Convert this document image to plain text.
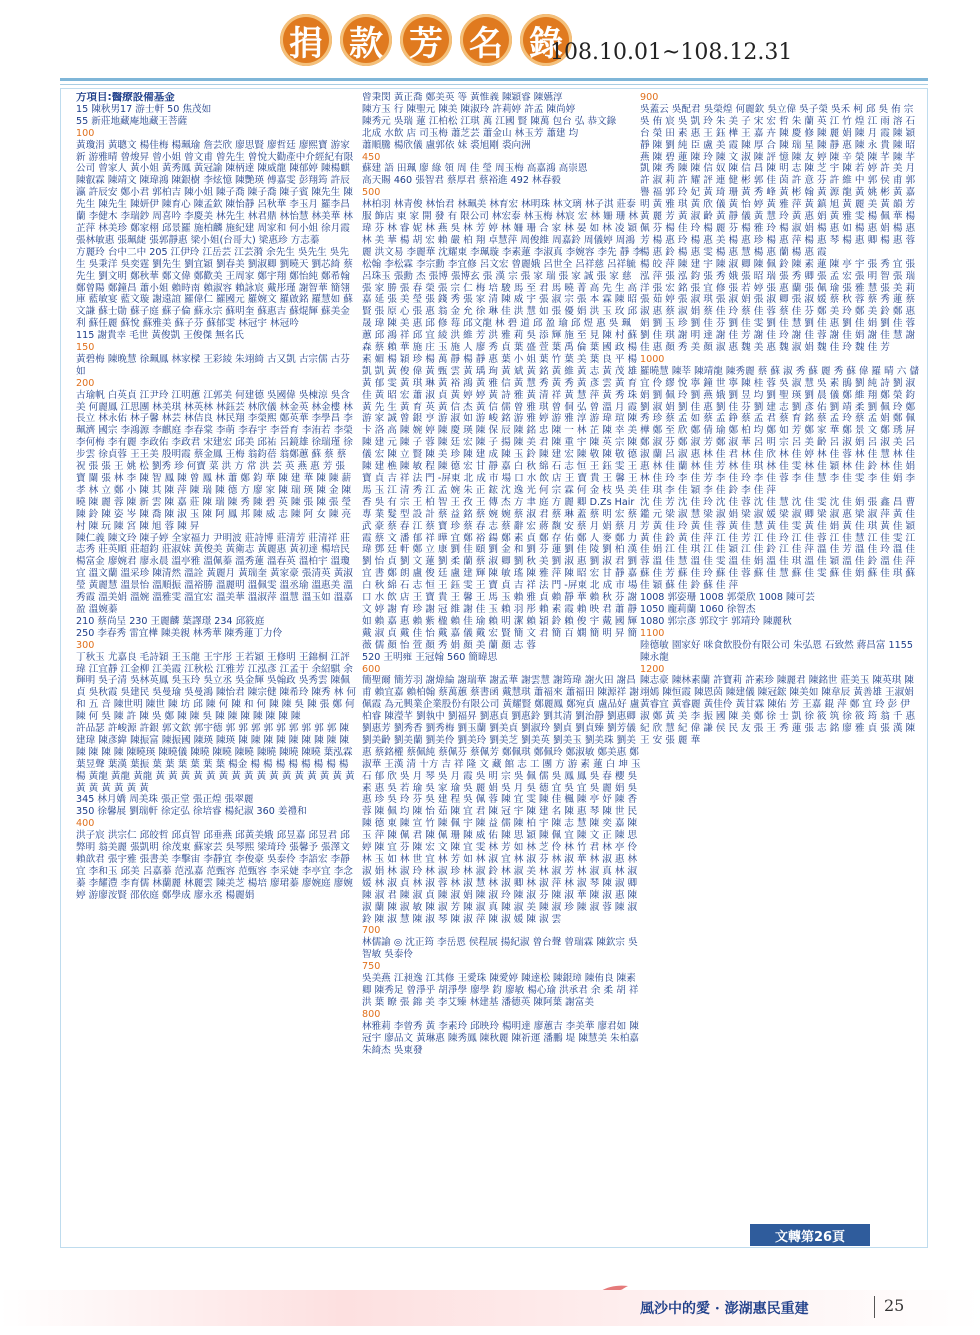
捐 款 芳 名 錄
108.10.01~108.12.31
方項目:醫療設備基金
15 陳秋男17 游士軒 50 焦茂如
55 新莊地藏庵地藏王菩薩
100
黃瓊涓 黃聰文 楊佳梅 楊珮瑜 詹芸欣 廖思賢 廖哲廷 廖熙寶 游家新 游雅晴 曾焌昇 曾小姐 曾文甫 曾先生 曾悅大勸產中介經紀有限公司 曾家人 黃小姐 黃秀鳳 黃冠諭 陳柄達 陳威龍 陳郁婷 陳楊麒 陳叡霖 陳靖文 陳瑋鴻 陳銀樹 李炫憶 陳艷瑛 傅嘉雯 彭翔筠 許辰瀛 許辰安 鄭小君 郭柏吉 陳小姐 陳子喬 陳子喬 陳子賓 陳先生 陳先生 陳先生 陳妍伊 陳育心 陳孟欽 陳怡靜 呂秋華 李玉月 羅李昌蘭 李健木 李瑞鈔 周喜吟 李慶美 林先生 林君鼎 林怡慧 林美華 林芷萍 林美珍 鄭家栩 邱景羅 施柏麟 施紀建 周家和 何小姐 徐月霞 張林敏惠 張珮緁 張郭靜惠 梁小姐(台哥大) 梁惠珍 方志蓁
方麗玲 台中二中 205 江伊玲 江岳芸 江芸漪 余先生 吳先生 吳先生 吳秉洋 吳奕霆 劉先生 劉宜穎 劉春美 劉淑卿 劉曉天 劉芯綺 蔡先生 劉文明 鄭秋華 鄭文偉 鄭歡美 王周家 鄭宇翔 鄭怡純 鄭希翰 鄭曾陽 鄭鐘昌 蕭小姐 賴時南 賴淑容 賴詠宸 戴彤瑾 謝智華 簡翎庫 藍敏宴 藍文璇 謝遠誼 羅偉仁 羅國元 羅婉文 羅啟銘 羅慧如 蘇文謙 蘇士勛 蘇子庭 蘇子倫 蘇永宗 蘇明奎 蘇惠吉 蘇焜輝 蘇美金利 蘇任麗 蘇悅 蘇雅美 蘇子芬 蘇郁雯 林冠宇 林冠吟
115 謝貴幸 毛世 黃俊凱 王俊傑 無名氏
150
黃碧梅 陳晚慧 徐珮鳳 林家樑 王彩綾 朱翊綺 古又凱 古宗儒 古芬如
200
古瑜帆 白英貞 江尹玲 江明蕙 江郭美 何建德 吳國偉 吳棟涼 吳含美 何麗鳳 江思團 林美琪 林英林 林鈺芸 林欣儀 林金英 林金樓 林長立 林永佑 林子馨 林芸 林佶良 林民翔 李榮熙 鄭英華 李學昌 李珮濟 國宗 李鴻源 李麒庭 李春棠 李萌 李春宇 李晉育 李洧若 李榮 李何梅 李有麗 李政佑 李政君 宋建宏 邱美 邱祐 呂鏡雄 徐瑞瑾 徐步雲 徐貞蓉 王王美 殷明霞 蔡金鳳 王梅 翁鈞蓓 翁鄭蕙 蘇 蔡 蔡 祝 張 張 王 姚 松 劉秀 珍 何寶 菜 洪 方 常 洪 芸 英 燕 惠 芳 張 寶 闌 張 林 李 陳 智 鳳 陳 曾 鳳 林 蕭 鄭 鈞 華 陳 建 華 陳 陳 薪 孝 林 立 鄭 小 陳 其 陳 萍 陳 瑞 陳 德 方 廖 家 陳 瑞 瑛 陳 金 陳 曉 陳 麗 蓉 陳 新 雲 陳 嘉 莊 陳 瑞 陳 秀 陳 碧 英 陳 張 陳 張 瑩 陳 鈴 陳 姿 岑 陳 喬 陳 淑 玉 陳 阿 鳳 邦 陳 威 志 陳 阿 女 陳 亮 村 陳 玩 陳 宮 陳 旭 蓉 陳 昇
陳仁義 陳文玲 陳子婷 全家福力 尹明波 莊詩博 莊清芳 莊清祥 莊志秀 莊英順 莊超鈞 莊淑妹 黃俊美 黃衛志 黃麗惠 黃初達 楊培民 楊富金 廖婉君 廖永晨 溫亭雅 溫佩蓁 溫秀蓮 溫春英 溫柏宇 溫瓊宜 溫文蘭 溫采珍 陳清然 溫詮 黃麗月 黃瑞奎 黃家豪 張清英 黃淑瑩 黃麗慧 溫景怡 溫順振 溫裕勝 溫麗明 溫佩雯 溫丞瑜 溫惠美 溫秀霞 溫美娟 溫婉 溫雅雯 溫宜宏 溫美華 溫淑萍 溫慧 溫玉如 溫嘉盈 溫婉蓁
210 蔡尚呈 230 王麗麟 葉譯璟 234 邱筱庭
250 李春秀 雷宜樺 陳美親 林秀華 陳秀蓮丁力伶
300
丁秋玉 尤嘉良 毛詩穎 王玉龍 王宇彤 王若穎 王修明 王錦桐 江評瑋 江宜靜 江金柳 江美霞 江秋松 江雅芳 江泓彥 江孟于 余紹騏 余輝明 吳子清 吳林英鳳 吳玉玲 吳立丞 吳金輝 吳翰政 吳秀雲 陳佩貞 吳秋霞 吳建民 吳曼瑜 吳曼鴻 陳怡君 陳宗健 陳希玲 陳秀 林 何 和 五 音 陳世明 陳世 陳 坊 邱 陳 何 陳 和 何 陳 陳 吳 陳 張 鄭 何 陳 何 吳 陳 許 陳 吳 鄭 陳 陳 吳 陳 陳 陳 陳 陳 陳 陳
許品瑟 許峻源 許銀 郭文欽 郭宇德 郭 郭 郭 郭 郭 郭 郭 郭 郭 陳建瑋 陳彥緯 陳振富 陳振國 陳瑛 陳瑛 陳 陳 陳 陳 陳 陳 陳 陳 陳 陳 陳 陳 陳 陳曉瑛 陳曉儀 陳曉 陳曉 陳曉 陳曉 陳曉 陳曉 葉泓霖 葉昱聲 葉漢 葉振 葉 葉 葉 葉 葉 葉 楊金 楊 楊 楊 楊 楊 楊 楊 楊 楊 黃龍 黃龍 黃龍 黃 黃 黃 黃 黃 黃 黃 黃 黃 黃 黃 黃 黃 黃 黃 黃 黃 黃 黃 黃 黃 黃
345 林月嬌 周美珠 張正堂 張正煌 張翠麗
350 徐馨展 劉瑞軒 徐定弘 徐培睿 楊紀淑 360 姜禮和
400
洪子宸 洪宗仁 邱皎哲 邱貞智 邱垂燕 邱黃美娥 邱昱嘉 邱昱君 邱弊明 翁美麗 張凱明 徐茂東 蘇家芸 吳琴熙 梁琦玲 張馨予 張澤文 賴歆君 張宇雅 張書美 李擊宙 李靜宜 李俊豪 吳泰伶 李語宏 李靜宜 李和玉 邱美 呂嘉蓁 范泓嘉 范甄容 范甄容 李采婕 李亭宜 李念蓁 李耀澧 李育儒 林蘭麗 林麗雲 陳美芝 楊培 廖珺蓁 廖婉庭 廖婉婷 游廖洝賢 邵依庭 鄭學成 廖永丞 楊麗娟
曾秉閔 黃正喬 鄭美英 等 黃惟義 陳穎睿 陳嬿淳
陳方玉 行 陳聖元 陳美 陳淑玲 許莉婷 許孟 陳尚婷
陳秀元 吳瑞 蓮 江柏松 江琪 萬 江國 賢 陳萬 包台 弘 恭文錄
北成 水飲 店 司玉梅 蕭芝芸 蕭金山 林玉芳 蕭建 均
蕭順騰 楊欣儀 盧郭依 妹 裘旭剛 裘向洲
450
蘇建 語 田珮 廖 綠 領 周 佳 瑩 周玉梅 高嘉鴻 高崇恩
高天賜 460 張智君 蔡厚君 蔡裕進 492 林春毅
500
林柏羽 林青俊 林怡君 林珮美 林育宏 林明珠 林文璃 林子淇 莊泰服 飾店 東 家 開 發 有 限公司 林宏泰 林玉梅 林宸 宏 林 姍 珊 林 瑋 芬 林 睿 妮 林 燕 吳 林 芳 婷 林 姍 珊 合 家 林 晏 如 林 凌 穎 林 美 華 楊 胡 宏 賴 嚴 柏 翔 卓慧萍 周俊維 周嘉鈴 周儀婷 周鴻麗 洪文易 李麗華 沈耀東 李珮璇 李素蓮 李淑真 李婉容 李先 靜 李松翰 李松霖 李宗勳 李宜修 呂文宏 曾麗娥 呂世全 呂祥慈 呂祥毓 呂珠玉 張勳 杰 張博 張博玄 張 漢 宗 張 家 瑞 張 家 誠 張 家 慈 張 家 勝 張 春 榮 張 宗 仁 梅 培 駿 馬 至 君 馬 曉 菁 高 先 生 高 嘉 延 張 美 瑩 張 錢 秀 張 家 清 陳 威 宇 張 淑 宗 張 本 霖 陳 昭 賢 張 原 心 張 惠 翁 金 允 徐 琳 佳 洪 慧 如 張 優 娟 洪 玉 玫 邱 晟 瑋 陳 美 惠 邱 修 莓 邱文龍 林 碧 道 邱 盈 瑜 邱 煜 惠 吳 珮 蕙 邱 鴻 祥 邱 宜 綾 洪 維 芳 洪 雅 莉 吳 添 輝 施 至 見 陳 村 蘇 森 蔡 賴 華 施 庄 玉 施 人 廖 秀 貞 葉 盛 萱 葉 禹 倫 葉 國 政 楊 素 媚 楊 穎 珍 楊 萬 靜 楊 靜 惠 葉 小 姐 葉 竹 葉 美 葉 良 平 楊 凱 凱 黃 俊 偉 黃 甄 雲 黃 瑀 珣 黃 斌 黃 銘 黃 維 黃 志 黃 茂 雄 黃 郁 雯 黃 琪 琳 黃 裕 鴻 黃 雅 信 黃 慧 秀 黃 秀 黃 彥 雲 黃 育 佳 黃 昭 宏 蕭 淑 貞 黃 婷 婷 黃 詩 雅 黃 清 祥 黃 慧 萍 黃 秀 珠 黃 先 生 黃 育 英 黃 信 杰 黃 信 儒 曾 雅 琪 曾 侗 弘 曾 溫 月 霞 游 家 誠 曾 銀 亨 游 淑 如 游 峻 銘 游 雅 婷 游 雅 淳 游 瑋 瑄 陳 卡 洛 高 陳 婉 婷 陳 慶 瑛 陳 保 辰 陳 銘 忠 陳 一 林 芷 陳 幸 美 陳 建 元 陳 子 蓉 陳 廷 宏 陳 子 揚 陳 美 君 陳 重 宇 陳 英 宗 陳 儀 宏 陳 立 賢 陳 美 珍 陳 建 成 陳 玉 鈴 陳 建 宏 陳 敬 陳 敬 德 陳 建 樵 陳 敏 程 陳 德 宏 甘 靜 嘉 白 秋 綿 石 志 恒 王 鈺 雯 王 寶 貞 吉 祥 法 門 -屏東 北 成 市 場 口 水 飲 店 王 寶 貴 王 馨 王 馬 玉 江 清 秀 江 孟 婉 朱 正 鋐 沈 逸 光 何 宗 霖 何 金 枝 吳 美 香 吳 有 宗 王 柏 智 王 孜 王 傳 杰 方 聿 庭 方 麗 卿 D.Zs Hair 專 業 髮 型 設 計 蔡 益 銘 蔡 婉 婉 蔡 淑 君 蔡 琳 蓋 蔡 明 宏 蔡 武 豪 蔡 春 江 蔡 寶 珍 蔡 春 志 蔡 辭 宏 蔣 馥 安 蔡 月 娟 蔡 月 霞 蔡 文 潘 郁 祥 曄 宜 鄭 裕 鍚 鄭 素 貞 鄭 存 佑 鄭 人 麥 鄭 力 瑋 鄧 廷 軒 鄭 立 康 劉 佳 頤 劉 金 和 劉 芬 蓮 劉 佳 陵 劉 柏 漢 劉 怡 貞 劉 文 蓮 劉 柔 蘭 蔡 淑 卿 劉 秋 美 劉 淑 惠 劉 淑 君 劉 宜 書 鄭 朗 盧 俊 廷 盧 建 輝 陳 敏 瑤 陳 雅 萍 陳 昭 宏 甘 靜 嘉 白 秋 綿 石 志 恒 王 鈺 雯 王 寶 貞 吉 祥 法 門 -屏東 北 成 市 場 口 水 飲 店 王 寶 貴 王 馨 王 馬 玉 賴 雅 貞 賴 靜 華 賴 秋 芬 謝 文 婷 謝 育 珍 謝 冠 維 謝 佳 玉 賴 羽 彤 賴 素 霞 賴 映 君 蕭 靜 如 賴 嘉 惠 賴 紫 楹 賴 佳 瑜 賴 明 潔 賴 穎 鈴 賴 俊 宇 戴 國 輝 戴 淑 貞 戴 佳 怡 戴 嘉 儀 戴 宏 賢 簡 文 君 簡 百 嫻 簡 明 昇 簡 薇 儒 顏 怡 萱 顏 秀 娟 顏 美 蘭 顏 志 蓉
520 王明雍 王冠翰 560 簡暐思
600
簡聖爾 簡芳羽 謝煒綸 謝瑞華 謝孟華 謝雲慧 謝筠瑋 謝火田 謝昌甫 賴宜嘉 賴柏翰 蔡萬蕙 蔡書函 戴慧琪 蕭福來 蕭福田 陳源祥 謝佩霞 為元興業企業股份有限公司 黃耀賢 鄭麗鳳 鄭宛貞 盧品好 盧柏睿 陳瀅芊 劉執中 劉福昇 劉惠貞 劉惠鈴 劉其清 劉治靜 劉惠卿 劉惠芳 劉秀香 劉秀梅 劉玉蘭 劉美貞 劉淑玲 劉貞 劉貞臻 劉芳儀 劉美齡 劉美蘭 劉美伶 劉美玲 劉美芝 劉美英 劉美玉 劉美珠 劉美惠 蔡銘權 蔡佩純 蔡佩芬 蔡佩芳 鄭佩琪 鄭佩玲 鄭淑敏 鄭美惠 鄭淑華 王漢 清 十方 吉 祥 隆 文 藏 館 志 工 團 方 游 素 蓮 白 坤 玉 石 郁 欣 吳 月 琴 吳 月 霞 吳 明 宗 吳 佩 儒 吳 鳳 鳳 吳 春 櫻 吳 素 惠 吳 若 瑜 吳 家 瑜 吳 麗 娟 吳 月 吳 德 宜 吳 宜 吳 麗 娟 吳 惠 珍 吳 玲 芬 吳 建 程 吳 佩 蓉 陳 宜 雯 陳 佳 楓 陳 亭 妤 陳 香 蓉 陳 佩 均 陳 怡 茹 陳 宜 君 陳 冠 宇 陳 建 名 陳 惠 琴 陳 世 民 陳 德 東 陳 宣 竹 陳 佩 宇 陳 益 儒 陳 柏 宇 陳 志 慧 陳 奕 嘉 陳 玉 萍 陳 佩 君 陳 佩 珊 陳 威 佑 陳 思 穎 陳 佩 宜 陳 文 正 陳 思 婷 陳 宜 芬 陳 宏 文 陳 宜 雯 林 芳 如 林 芝 伶 林 竹 君 林 亭 伶 林 玉 如 林 世 宜 林 芳 如 林 淑 宜 林 淑 芬 林 淑 華 林 淑 惠 林 淑 娟 林 淑 玲 林 淑 珍 林 淑 鈴 林 淑 美 林 淑 芳 林 淑 真 林 淑 媛 林 淑 貞 林 淑 蓉 林 淑 慧 林 淑 卿 林 淑 萍 林 淑 琴 陳 淑 卿 陳 淑 君 陳 淑 貞 陳 淑 娟 陳 淑 玲 陳 淑 芬 陳 淑 華 陳 淑 惠 陳 淑 蘭 陳 淑 敏 陳 淑 芳 陳 淑 真 陳 淑 美 陳 淑 珍 陳 淑 蓉 陳 淑 鈴 陳 淑 慧 陳 淑 琴 陳 淑 萍 陳 淑 媛 陳 淑 雲
700
林儒諭 ◎ 沈正筠 李岳恩 侯程展 揚紀淑 曾台聲 曾瑞霖 陳欽宗 吳智敏 吳泰伶
750
吳美燕 江昶逸 江其修 王愛珠 陳愛婷 陳達松 陳銀璋 陳侑良 陳素卿 陳秀足 曾淨乎 胡淨學 廖學 鈞 廖敏 楊心瑜 洪承君 余 柔 胡 祥 洪 葉 瞭 張 錦 美 李艾臻 林建基 潘德英 陳阿葉 謝富美
800
林雅莉 李曾秀 黃 李素玲 邱映玲 楊明達 廖蕙吉 李美華 廖君如 陳冠宇 廖品文 黃琳惠 陳秀鳳 陳秋麗 陳祈運 潘鵬 堤 陳慧美 朱柏嘉 朱綺杰 吳東發
900
吳蓋云 吳配君 吳榮煌 何麗欽 吳立偉 吳子榮 吳禾 柯 邱 吳 侑 宗 吳 侑 宸 吳 凱 玲 朱 美 子 宋 宏 哲 朱 蘭 英 江 竹 煌 江 雨 溶 石 台 榮 田 素 惠 王 鈺 樺 王 嘉 卉 陳 慶 修 陳 麗 娟 陳 月 霞 陳 穎 靜 陳 劉 純 臣 盧 美 霞 陳 厚 合 陳 瑞 星 陳 靜 惠 陳 永 貴 陳 昭 燕 陳 碧 蓮 陳 玲 陳 文 淑 陳 評 憶 陳 友 婷 陳 辛 榮 陳 芊 陳 芊 凱 陳 秀 陳 陳 信 奴 陳 信 昌 陳 明 志 陳 芝 宇 陳 若 婷 許 美 月 許 淑 莉 許 耀 評 連 健 彬 郭 佳 茵 許 意 芬 許 維 中 郭 侯 甫 郭 譽 福 郭 玲 妃 黃 琦 珊 黃 秀 峰 黃 彬 翰 黃 源 龍 黃 姚 彬 黃 嘉 明 黃 雅 琪 黃 欣 儀 黃 怡 婷 黃 雅 萍 黃 鎮 旭 黃 麗 美 黃 韻 芳 黃 麗 芳 黃 淑 齡 黃 靜 儀 黃 慧 玲 黃 惠 娟 黃 雅 雯 楊 佩 華 楊 佩 芬 楊 佳 玲 楊 麗 芬 楊 雅 玲 楊 淑 娟 楊 惠 如 楊 惠 娟 楊 惠 芳 楊 惠 玲 楊 惠 美 楊 惠 珍 楊 惠 萍 楊 惠 琴 楊 惠 卿 楊 惠 蓉 楊 惠 鈴 楊 惠 雯 楊 惠 慧 楊 惠 蘭 楊 惠 霞
楊 皎 萍 陳 建 宇 陳 淑 卿 陳 佩 鈴 陳 素 蓮 陳 亭 宇 張 秀 宜 張 泓 萍 張 泓 鈞 張 秀 娥 張 昭 瑞 張 秀 卿 張 孟 宏 張 明 智 張 瑞 洋 張 宏 銘 張 宜 修 張 若 婷 張 惠 蘭 張 佩 瑜 張 雅 慧 張 美 莉 張 茹 婷 張 淑 琪 張 淑 娟 張 淑 卿 張 淑 媛 蔡 秋 蓉 蔡 秀 蓮 蔡 淑 惠 蔡 淑 娟 蔡 佳 玲 蔡 佳 蓉 蔡 佳 芬 鄭 美 玲 鄭 美 鈴 鄭 惠 娟 劉 玉 珍 劉 佳 芬 劉 佳 雯 劉 佳 慧 劉 佳 惠 劉 佳 娟 劉 佳 蓉 劉 佳 琪 謝 明 達 謝 佳 芳 謝 佳 玲 謝 佳 蓉 謝 佳 娟 謝 佳 慧 謝 佳 惠 顏 秀 美 顏 淑 惠 魏 美 惠 魏 淑 娟 魏 佳 玲 魏 佳 芳
1000
羅曉慧 陳莘 陳靖龍 陳秀麗 蔡 蘇 淑 秀 蘇 麗 秀 蘇 偉 羅 晴 六 儲 宜 伶 繆 悅 寧 鐘 世 寧 陳 桂 蓉 吳 淑 慧 吳 素 鵑 劉 純 詩 劉 淑 娟 劉 佩 玲 劉 燕 娥 劉 昱 均 劉 聖 瑛 劉 晨 儀 鄭 維 翔 鄭 榮 鈞 劉 淑 娟 劉 佳 惠 劉 佳 芬 劉 建 志 劉 彥 佑 劉 靖 柔 劉 佩 玲 鄭 秀 珍 蔡 孟 如 蔡 孟 錚 蔡 孟 君 蔡 育 銘 蔡 孟 玲 蔡 孟 娟 鄭 佩 樺 鄭 至 欣 鄭 倩 瑜 鄭 柏 均 鄭 如 芳 鄭 家 華 鄭 景 文 鄭 琇 屏 鄭 淑 芬 鄭 淑 芳 鄭 淑 華 呂 明 宗 呂 美 齡 呂 淑 娟 呂 淑 美 呂 淑 蘭 呂 淑 惠 林 佳 君 林 佳 欣 林 佳 婷 林 佳 蓉 林 佳 慧 林 佳 惠 林 佳 蘭 林 佳 芳 林 佳 琪 林 佳 雯 林 佳 穎 林 佳 鈴 林 佳 娟 林 佳 玲 李 佳 芳 李 佳 玲 李 佳 蓉 李 佳 慧 李 佳 雯 李 佳 娟 李 佳 琪 李 佳 穎 李 佳 鈴 李 佳 萍
沈 佳 芳 沈 佳 玲 沈 佳 蓉 沈 佳 慧 沈 佳 雯 沈 佳 娟 張 鑫 昌 曹 鑑 元 梁 淑 慧 梁 淑 娟 梁 淑 媛 梁 淑 卿 梁 淑 惠 梁 淑 萍 黃 佳 芳 黃 佳 玲 黃 佳 蓉 黃 佳 慧 黃 佳 雯 黃 佳 娟 黃 佳 琪 黃 佳 穎 黃 佳 鈴 黃 佳 萍 江 佳 芳 江 佳 玲 江 佳 蓉 江 佳 慧 江 佳 雯 江 佳 娟 江 佳 琪 江 佳 穎 江 佳 鈴 江 佳 萍 溫 佳 芳 溫 佳 玲 溫 佳 蓉 溫 佳 慧 溫 佳 雯 溫 佳 娟 溫 佳 琪 溫 佳 穎 溫 佳 鈴 溫 佳 萍 蘇 佳 芳 蘇 佳 玲 蘇 佳 蓉 蘇 佳 慧 蘇 佳 雯 蘇 佳 娟 蘇 佳 琪 蘇 佳 穎 蘇 佳 鈴 蘇 佳 萍
1008 郭姿珊 1008 郭榮欣 1008 陳可芸
1050 龐莉蘭 1060 徐智杰
1080 郭宗彥 郭玟宇 郭靖玲 陳麗秋
1100
陸德敏 園家好 咪食飲股份有限公司 朱弘恩 石致然 蔣昌富 1155 陳永龍
1200
陳志豪 陳林素蘭 許寶莉 許素珍 陳麗君 陳銘世 莊美玉 陳英琪 陳翊嫣 陳恒霞 陳恩茵 陳建儀 陳冠鋐 陳美如 陳韋辰 黃善雄 王淑娟 黃睿宜 黃睿麗 黃佳伶 黃甘霖 陳佑 芳 王嘉 錕 萍 鄭 宜 玲 彭 伊 淑 鄭 黃 美 李 振 國 陳 美 鄭 徐 士 凱 徐 筱 筑 徐 筱 筠 翁 千 惠 紀 欣 慧 紀 偉 謙 侯 民 友 張 王 秀 蓮 張 志 銘 廖 雅 貞 張 漢 陳 王 安 張 麗 華
文轉第26頁
風沙中的愛 · 澎湖惠民重建	25
